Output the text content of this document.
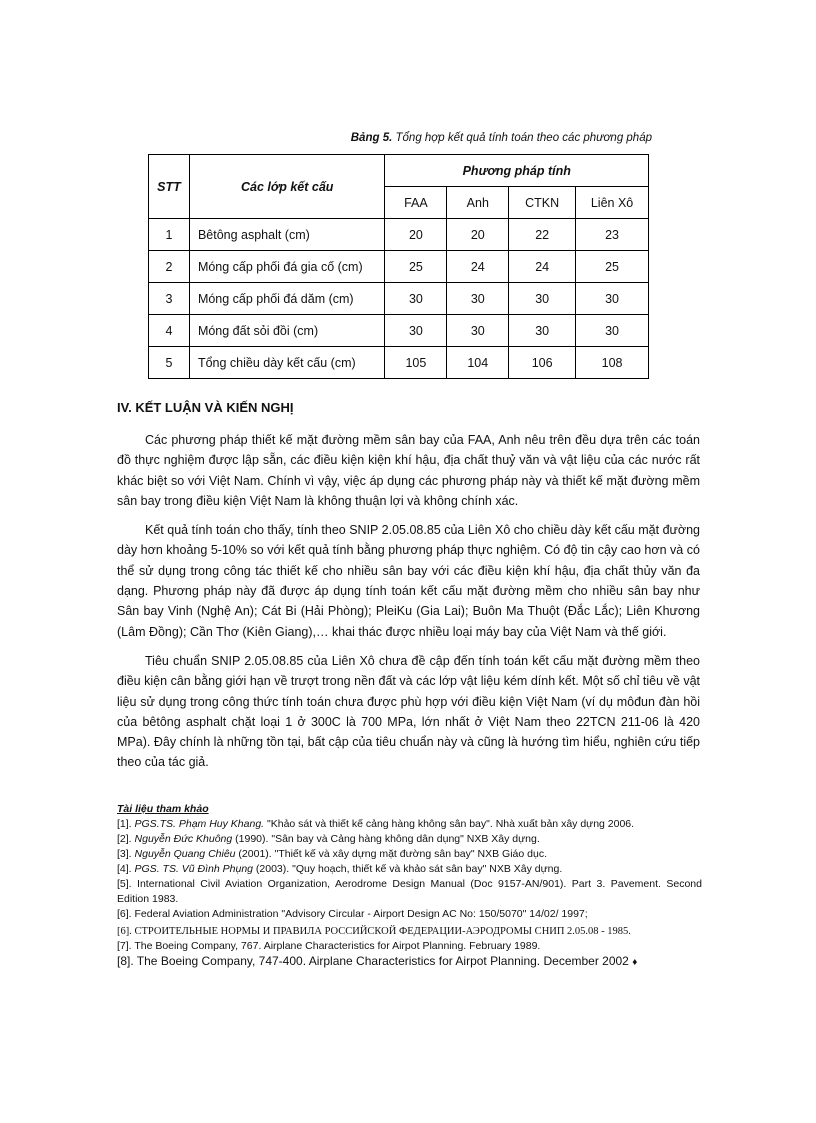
Bảng 5. Tổng hợp kết quả tính toán theo các phương pháp
STT	Các lớp kết cấu	Phương pháp tính			
		FAA	Anh	CTKN	Liên Xô
1	Bêtông asphalt (cm)	20	20	22	23
2	Móng cấp phối đá gia cố (cm)	25	24	24	25
3	Móng cấp phối đá dăm (cm)	30	30	30	30
4	Móng đất sỏi đồi (cm)	30	30	30	30
5	Tổng chiều dày kết cấu (cm)	105	104	106	108
IV. KẾT LUẬN VÀ KIẾN NGHỊ

Các phương pháp thiết kế mặt đường mềm sân bay của FAA, Anh nêu trên đều dựa trên các toán đồ thực nghiệm được lập sẵn, các điều kiện kiện khí hậu, địa chất thuỷ văn và vật liệu của các nước rất khác biệt so với Việt Nam. Chính vì vậy, việc áp dụng các phương pháp này và thiết kế mặt đường mềm sân bay trong điều kiện Việt Nam là không thuận lợi và không chính xác.

Kết quả tính toán cho thấy, tính theo SNIP 2.05.08.85 của Liên Xô cho chiều dày kết cấu mặt đường dày hơn khoảng 5-10% so với kết quả tính bằng phương pháp thực nghiệm. Có độ tin cậy cao hơn và có thể sử dụng trong công tác thiết kế cho nhiều sân bay với các điều kiện khí hậu, địa chất thủy văn đa dạng. Phương pháp này đã được áp dụng tính toán kết cấu mặt đường mềm cho nhiều sân bay như Sân bay Vinh (Nghệ An); Cát Bi (Hải Phòng); PleiKu (Gia Lai); Buôn Ma Thuột (Đắc Lắc); Liên Khương (Lâm Đồng); Cần Thơ (Kiên Giang),… khai thác được nhiều loại máy bay của Việt Nam và thế giới.

Tiêu chuẩn SNIP 2.05.08.85 của Liên Xô chưa đề cập đến tính toán kết cấu mặt đường mềm theo điều kiện cân bằng giới hạn về trượt trong nền đất và các lớp vật liệu kém dính kết. Một số chỉ tiêu về vật liệu sử dụng trong công thức tính toán chưa được phù hợp với điều kiện Việt Nam (ví dụ môđun đàn hồi của bêtông asphalt chặt loại 1 ở 300C là 700 MPa, lớn nhất ở Việt Nam theo 22TCN 211-06 là 420 MPa). Đây chính là những tồn tại, bất cập của tiêu chuẩn này và cũng là hướng tìm hiểu, nghiên cứu tiếp theo của tác giả.

Tài liệu tham khảo
[1]. PGS.TS. Phạm Huy Khang. "Khảo sát và thiết kế cảng hàng không sân bay". Nhà xuất bản xây dựng 2006.
[2]. Nguyễn Đức Khuông (1990). "Sân bay và Cảng hàng không dân dụng" NXB Xây dựng.
[3]. Nguyễn Quang Chiêu (2001). "Thiết kế và xây dựng mặt đường sân bay" NXB Giáo dục.
[4]. PGS. TS. Vũ Đình Phụng (2003). "Quy hoạch, thiết kế và khảo sát sân bay" NXB Xây dựng.
[5]. International Civil Aviation Organization, Aerodrome Design Manual (Doc 9157-AN/901). Part 3. Pavement. Second Edition 1983.
[6]. Federal Aviation Administration "Advisory Circular - Airport Design AC No: 150/5070" 14/02/ 1997;
[6]. СТРОИТЕЛЬНЫЕ НОРМЫ И ПРАВИЛА РОССИЙСКОЙ ФЕДЕРАЦИИ-АЭРОДРОМЫ СНИП 2.05.08 - 1985.
[7]. The Boeing Company, 767. Airplane Characteristics for Airpot Planning. February 1989.
[8]. The Boeing Company, 747-400. Airplane Characteristics for Airpot Planning. December 2002 ♦
